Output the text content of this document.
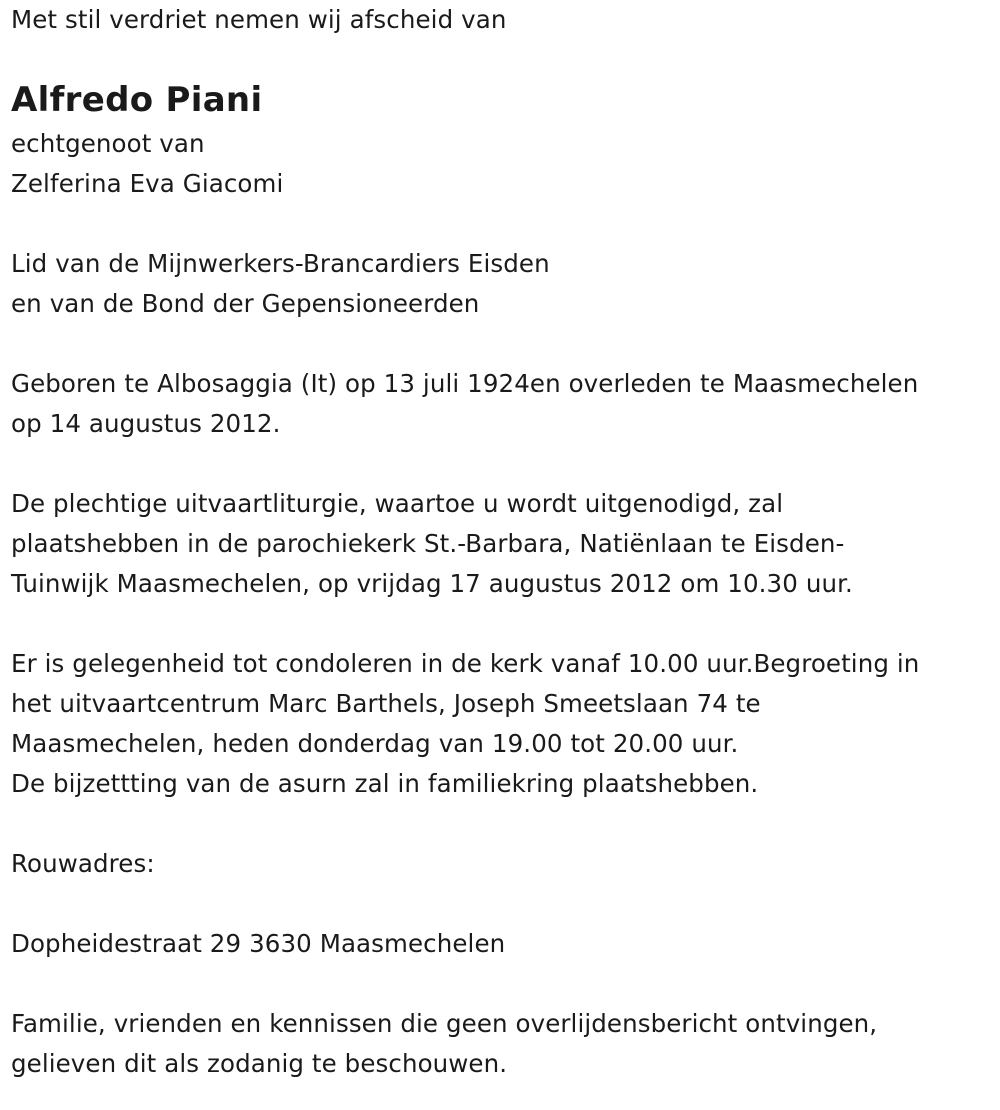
Met stil verdriet nemen wij afscheid van
Alfredo Piani
echtgenoot van
Zelferina Eva Giacomi
Lid van de Mijnwerkers-Brancardiers Eisden
en van de Bond der Gepensioneerden
Geboren te Albosaggia (It) op 13 juli 1924en overleden te Maasmechelen
op 14 augustus 2012.
De plechtige uitvaartliturgie, waartoe u wordt uitgenodigd, zal
plaatshebben in de parochiekerk St.-Barbara, Natiënlaan te Eisden-
Tuinwijk Maasmechelen, op vrijdag 17 augustus 2012 om 10.30 uur.
Er is gelegenheid tot condoleren in de kerk vanaf 10.00 uur.Begroeting in
het uitvaartcentrum Marc Barthels, Joseph Smeetslaan 74 te
Maasmechelen, heden donderdag van 19.00 tot 20.00 uur.
De bijzettting van de asurn zal in familiekring plaatshebben.
Rouwadres:
Dopheidestraat 29 3630 Maasmechelen
Familie, vrienden en kennissen die geen overlijdensbericht ontvingen,
gelieven dit als zodanig te beschouwen.
